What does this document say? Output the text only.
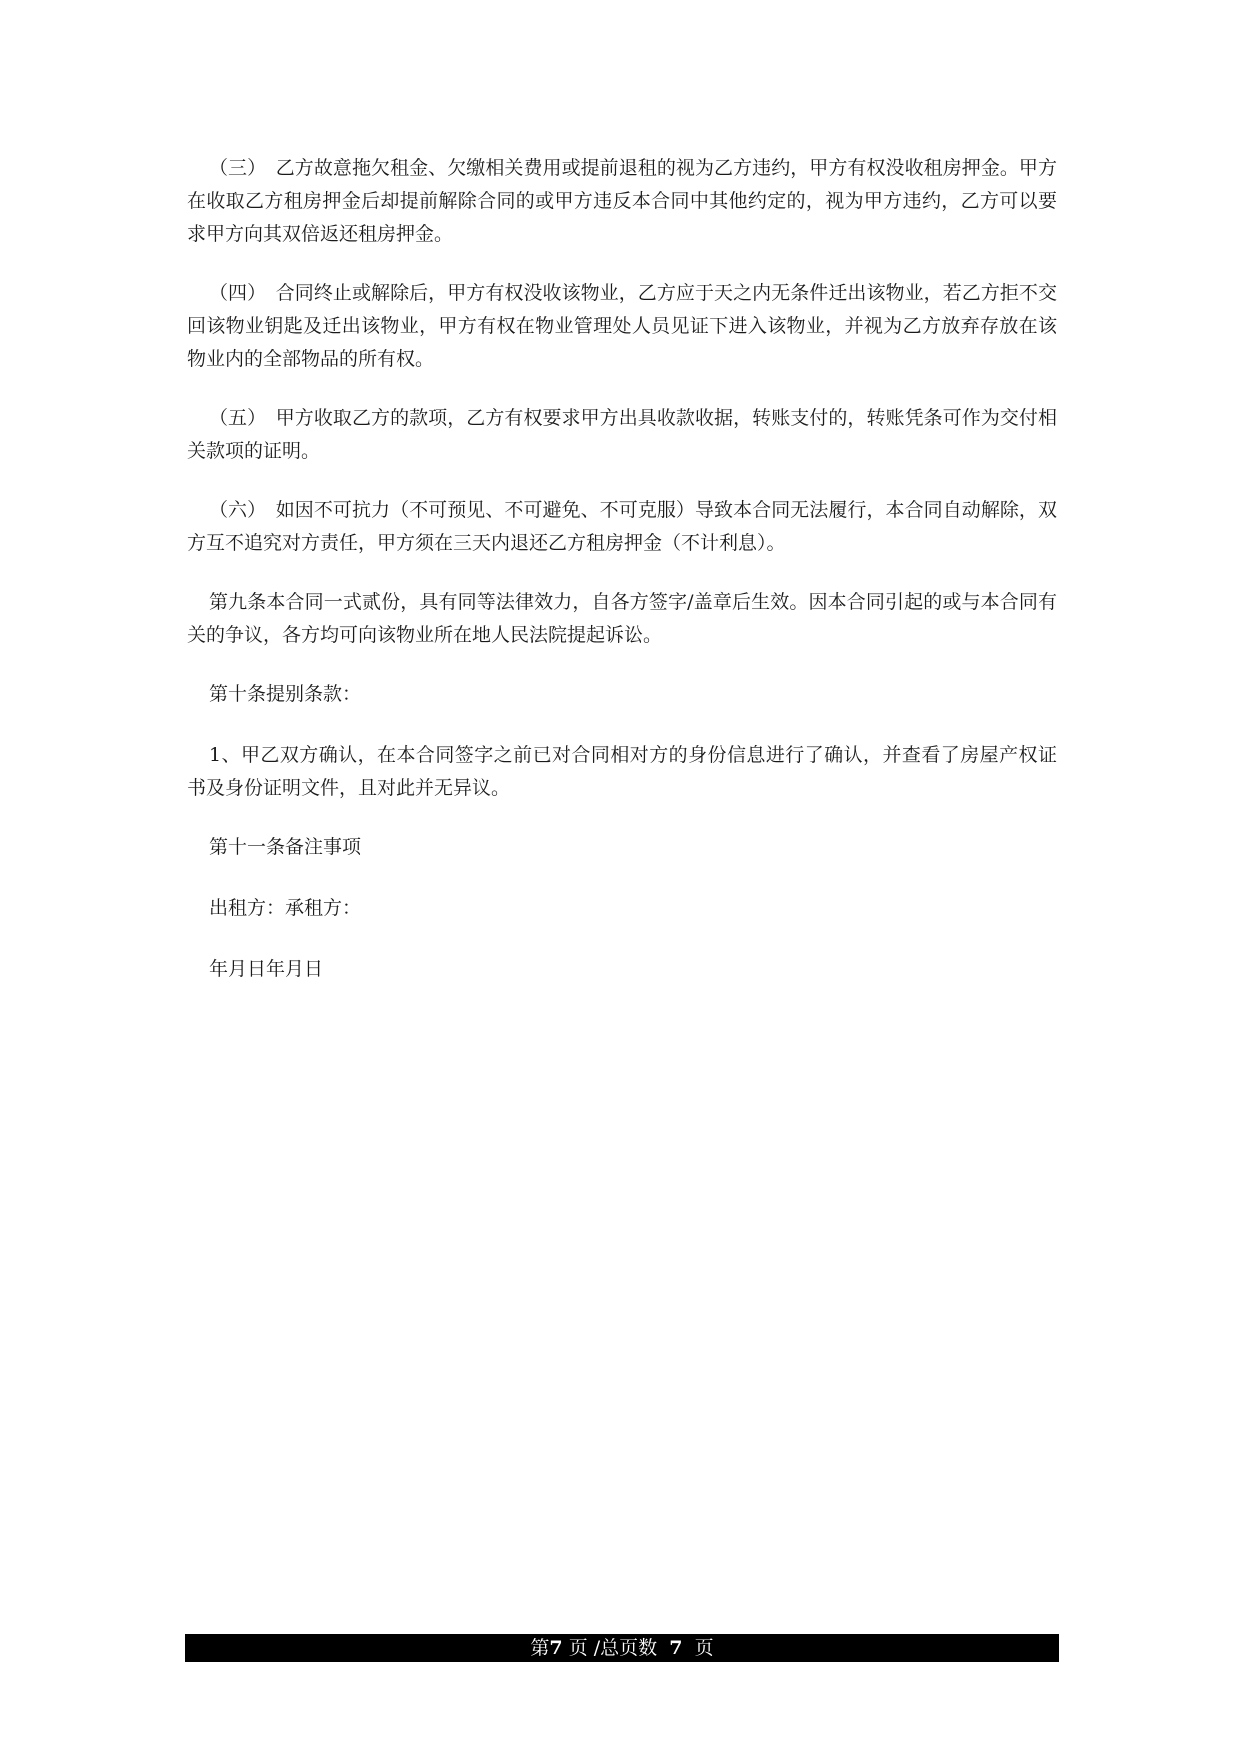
（三）　乙方故意拖欠租金、欠缴相关费用或提前退租的视为乙方违约，甲方有权没收租房押金。甲方在收取乙方租房押金后却提前解除合同的或甲方违反本合同中其他约定的，视为甲方违约，乙方可以要求甲方向其双倍返还租房押金。

（四）　合同终止或解除后，甲方有权没收该物业，乙方应于天之内无条件迁出该物业，若乙方拒不交回该物业钥匙及迁出该物业，甲方有权在物业管理处人员见证下进入该物业，并视为乙方放弃存放在该物业内的全部物品的所有权。

（五）　甲方收取乙方的款项，乙方有权要求甲方出具收款收据，转账支付的，转账凭条可作为交付相关款项的证明。

（六）　如因不可抗力（不可预见、不可避免、不可克服）导致本合同无法履行，本合同自动解除，双方互不追究对方责任，甲方须在三天内退还乙方租房押金（不计利息）。

第九条本合同一式贰份，具有同等法律效力，自各方签字/盖章后生效。因本合同引起的或与本合同有关的争议，各方均可向该物业所在地人民法院提起诉讼。

第十条提别条款：

1、甲乙双方确认，在本合同签字之前已对合同相对方的身份信息进行了确认，并查看了房屋产权证书及身份证明文件，且对此并无异议。

第十一条备注事项

出租方：承租方：

年月日年月日

第7 页 /总页数 7 页
